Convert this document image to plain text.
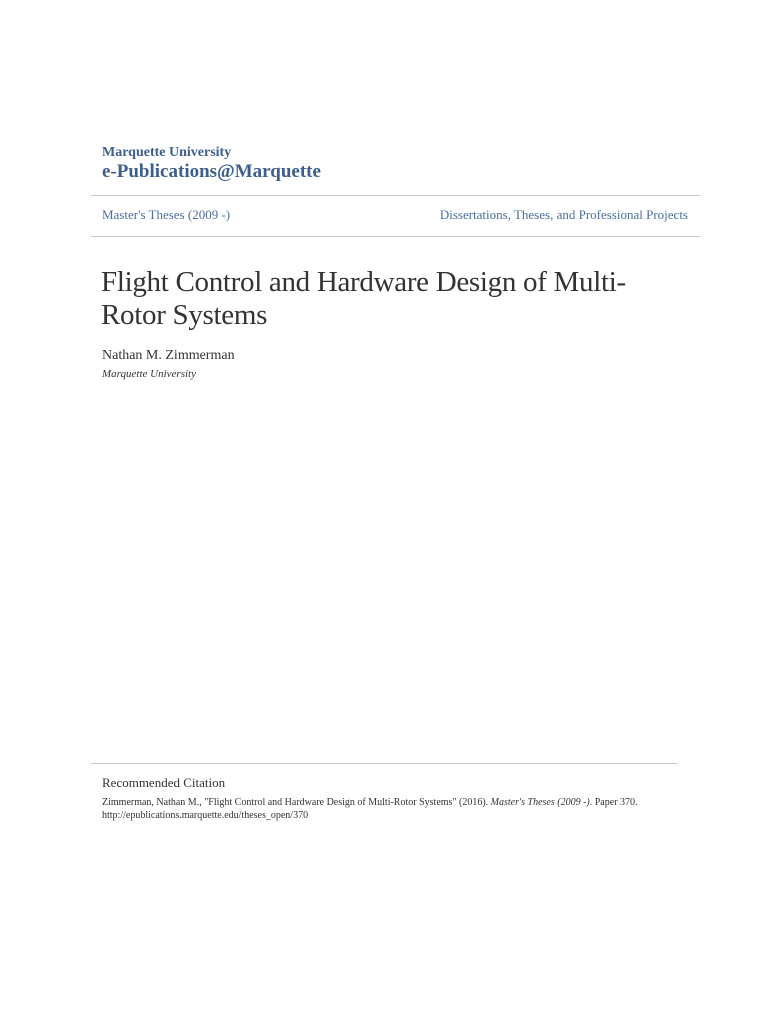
Marquette University
e-Publications@Marquette
Master's Theses (2009 -)	Dissertations, Theses, and Professional Projects
Flight Control and Hardware Design of Multi-Rotor Systems
Nathan M. Zimmerman
Marquette University
Recommended Citation
Zimmerman, Nathan M., "Flight Control and Hardware Design of Multi-Rotor Systems" (2016). Master's Theses (2009 -). Paper 370.
http://epublications.marquette.edu/theses_open/370
